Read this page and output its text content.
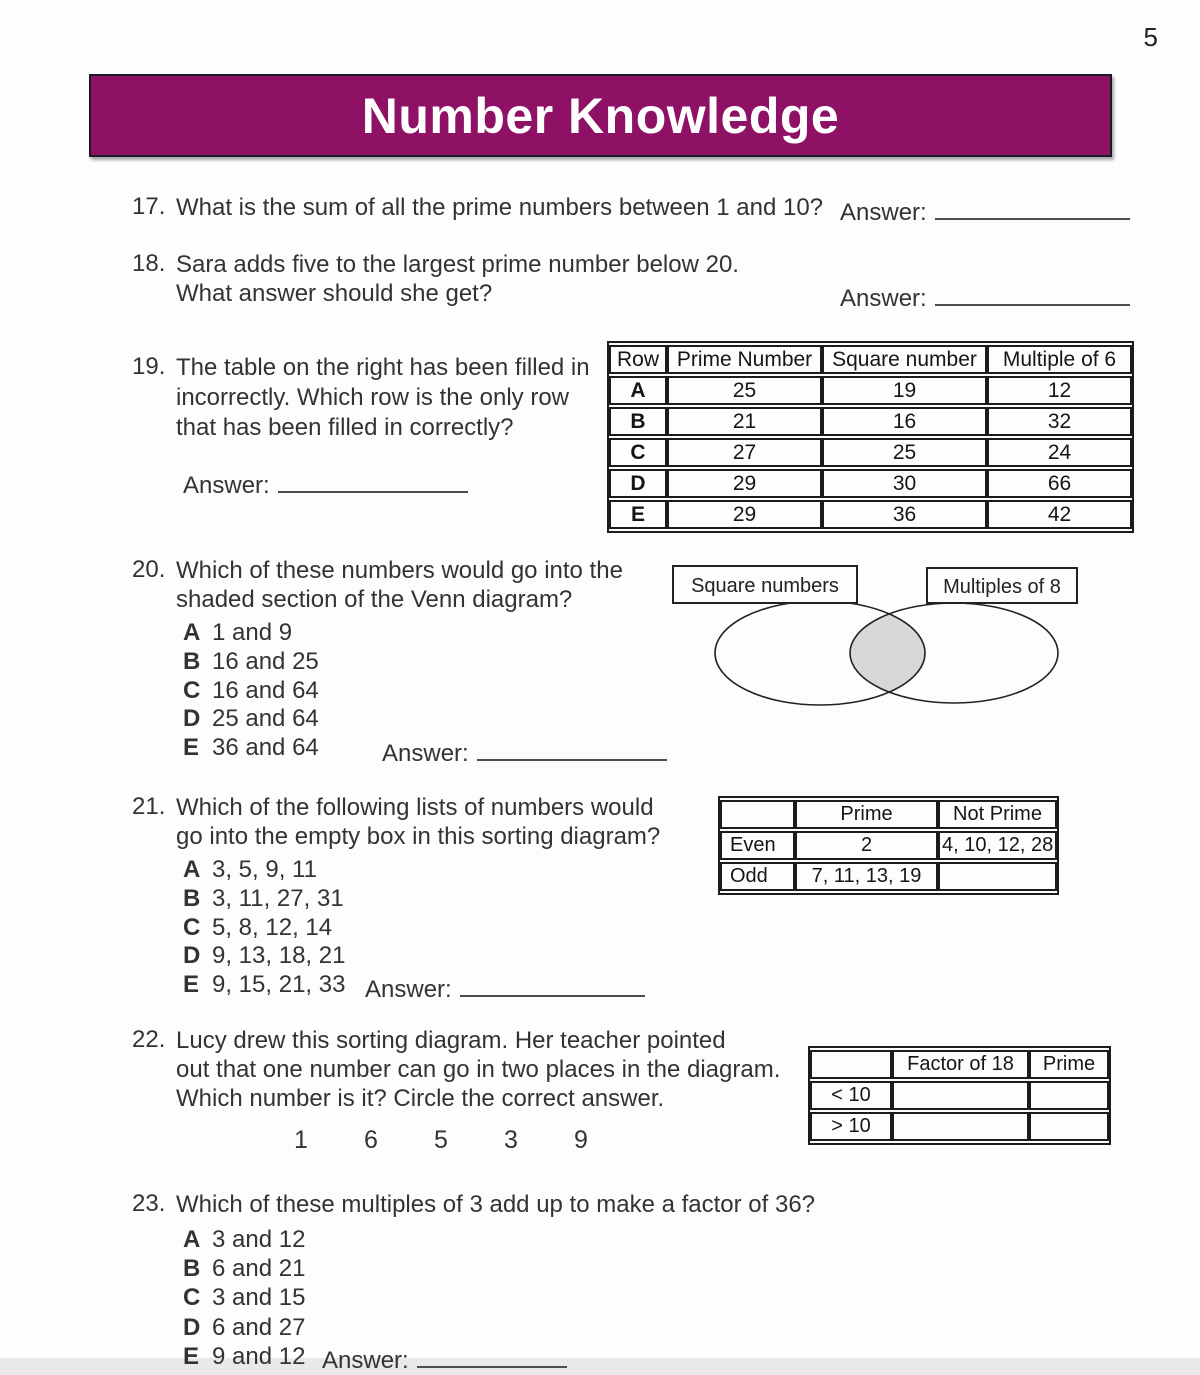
5
Number Knowledge
17. What is the sum of all the prime numbers between 1 and 10? Answer:
18. Sara adds five to the largest prime number below 20.
What answer should she get?	Answer:
19. The table on the right has been filled in
incorrectly. Which row is the only row
that has been filled in correctly?
Answer:
Row	Prime Number	Square number	Multiple of 6
A	25	19	12
B	21	16	32
C	27	25	24
D	29	30	66
E	29	36	42
20. Which of these numbers would go into the
shaded section of the Venn diagram?
A 1 and 9
B 16 and 25
C 16 and 64
D 25 and 64
E 36 and 64	Answer:
Square numbers	Multiples of 8
21. Which of the following lists of numbers would
go into the empty box in this sorting diagram?
A 3, 5, 9, 11
B 3, 11, 27, 31
C 5, 8, 12, 14
D 9, 13, 18, 21
E 9, 15, 21, 33 Answer:
	Prime	Not Prime
Even	2	4, 10, 12, 28
Odd	7, 11, 13, 19	
22. Lucy drew this sorting diagram. Her teacher pointed
out that one number can go in two places in the diagram.
Which number is it? Circle the correct answer.
1 6 5 3 9
	Factor of 18	Prime
< 10		
> 10		
23. Which of these multiples of 3 add up to make a factor of 36?
A 3 and 12
B 6 and 21
C 3 and 15
D 6 and 27
E 9 and 12 Answer:
